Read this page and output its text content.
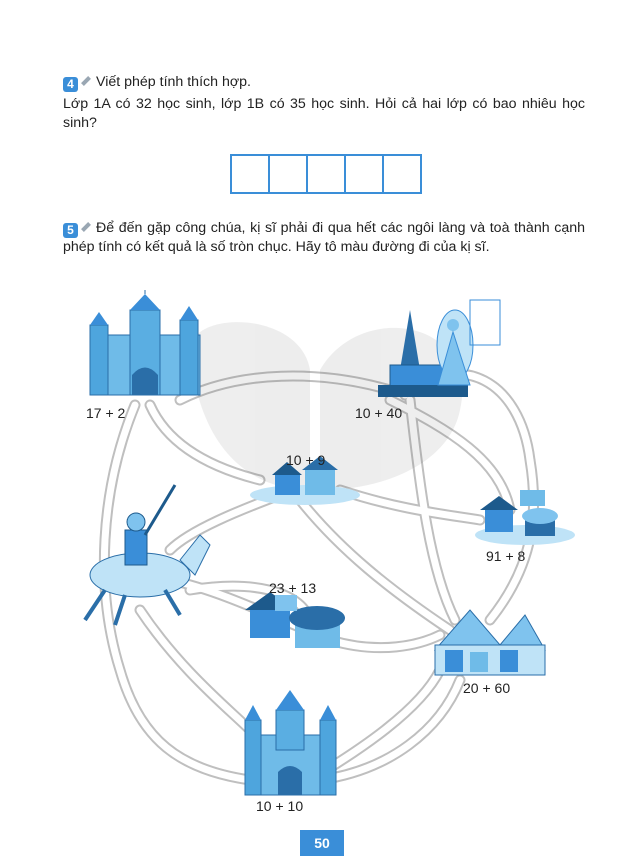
4 Viết phép tính thích hợp.
Lớp 1A có 32 học sinh, lớp 1B có 35 học sinh. Hỏi cả hai lớp có bao nhiêu học sinh?
5 Để đến gặp công chúa, kị sĩ phải đi qua hết các ngôi làng và toà thành cạnh phép tính có kết quả là số tròn chục. Hãy tô màu đường đi của kị sĩ.
17 + 2	10 + 40
10 + 9
91 + 8
23 + 13
20 + 60
10 + 10
50
